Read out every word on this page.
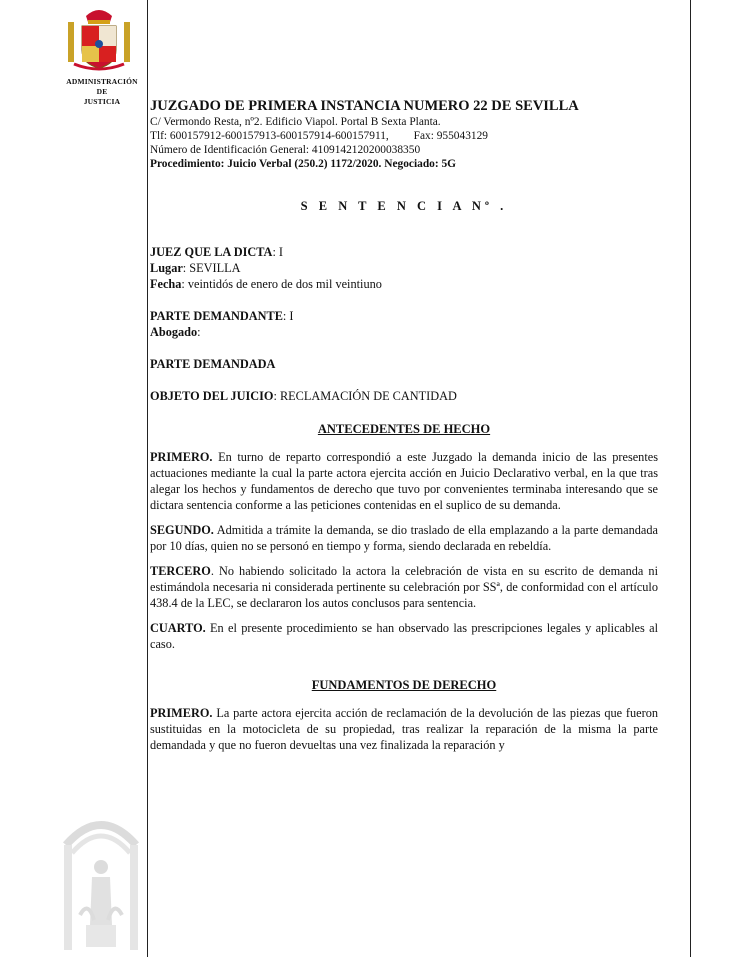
ADMINISTRACIÓN
DE
JUSTICIA	JUZGADO DE PRIMERA INSTANCIA NUMERO 22 DE SEVILLA
C/ Vermondo Resta, nº2. Edificio Viapol. Portal B Sexta Planta.
Tlf: 600157912-600157913-600157914-600157911, Fax: 955043129
Número de Identificación General: 4109142120200038350
Procedimiento: Juicio Verbal (250.2) 1172/2020. Negociado: 5G
S E N T E N C I A Nº .
JUEZ QUE LA DICTA: I
Lugar: SEVILLA
Fecha: veintidós de enero de dos mil veintiuno
PARTE DEMANDANTE: I
Abogado:
PARTE DEMANDADA
OBJETO DEL JUICIO: RECLAMACIÓN DE CANTIDAD
ANTECEDENTES DE HECHO

PRIMERO. En turno de reparto correspondió a este Juzgado la demanda inicio de las presentes actuaciones mediante la cual la parte actora ejercita acción en Juicio Declarativo verbal, en la que tras alegar los hechos y fundamentos de derecho que tuvo por convenientes terminaba interesando que se dictara sentencia conforme a las peticiones contenidas en el suplico de su demanda.

SEGUNDO. Admitida a trámite la demanda, se dio traslado de ella emplazando a la parte demandada por 10 días, quien no se personó en tiempo y forma, siendo declarada en rebeldía.

TERCERO. No habiendo solicitado la actora la celebración de vista en su escrito de demanda ni estimándola necesaria ni considerada pertinente su celebración por SSª, de conformidad con el artículo 438.4 de la LEC, se declararon los autos conclusos para sentencia.

CUARTO. En el presente procedimiento se han observado las prescripciones legales y aplicables al caso.

FUNDAMENTOS DE DERECHO

PRIMERO. La parte actora ejercita acción de reclamación de la devolución de las piezas que fueron sustituidas en la motocicleta de su propiedad, tras realizar la reparación de la misma la parte demandada y que no fueron devueltas una vez finalizada la reparación y
